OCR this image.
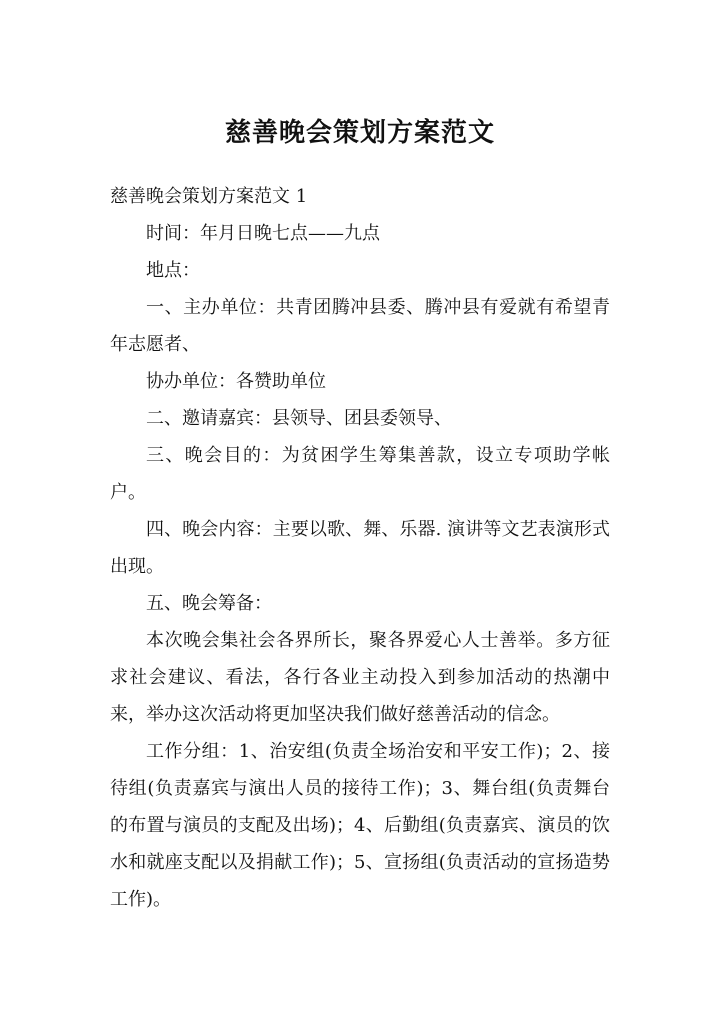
慈善晚会策划方案范文

慈善晚会策划方案范文 1

时间：年月日晚七点——九点

地点：

一、主办单位：共青团腾冲县委、腾冲县有爱就有希望青年志愿者、

协办单位：各赞助单位

二、邀请嘉宾：县领导、团县委领导、

三、晚会目的：为贫困学生筹集善款，设立专项助学帐户。

四、晚会内容：主要以歌、舞、乐器. 演讲等文艺表演形式出现。

五、晚会筹备：

本次晚会集社会各界所长，聚各界爱心人士善举。多方征求社会建议、看法，各行各业主动投入到参加活动的热潮中来，举办这次活动将更加坚决我们做好慈善活动的信念。

工作分组：1、治安组(负责全场治安和平安工作)；2、接待组(负责嘉宾与演出人员的接待工作)；3、舞台组(负责舞台的布置与演员的支配及出场)；4、后勤组(负责嘉宾、演员的饮水和就座支配以及捐献工作)；5、宣扬组(负责活动的宣扬造势工作)。
